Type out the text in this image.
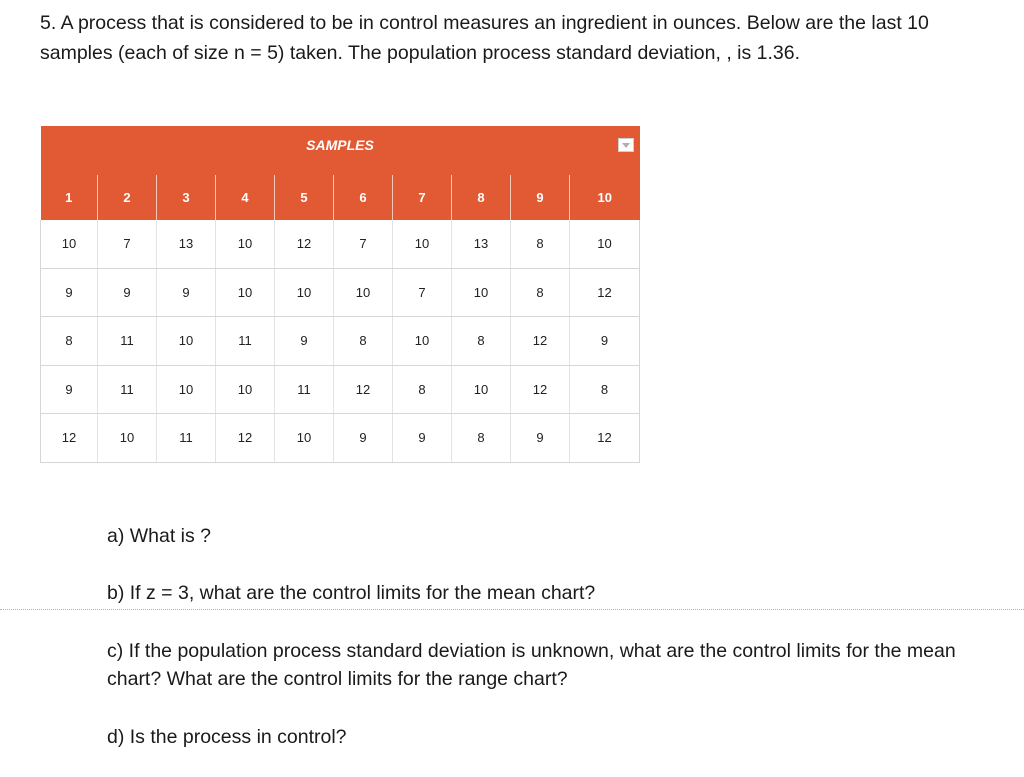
5. A process that is considered to be in control measures an ingredient in ounces. Below are the last 10 samples (each of size n = 5) taken. The population process standard deviation, , is 1.36.

SAMPLES									

1	2	3	4	5	6	7	8	9	10
10	7	13	10	12	7	10	13	8	10
9	9	9	10	10	10	7	10	8	12
8	11	10	11	9	8	10	8	12	9
9	11	10	10	11	12	8	10	12	8
12	10	11	12	10	9	9	8	9	12

a) What is ?

b) If z = 3, what are the control limits for the mean chart?

c) If the population process standard deviation is unknown, what are the control limits for the mean chart? What are the control limits for the range chart?

d) Is the process in control?
